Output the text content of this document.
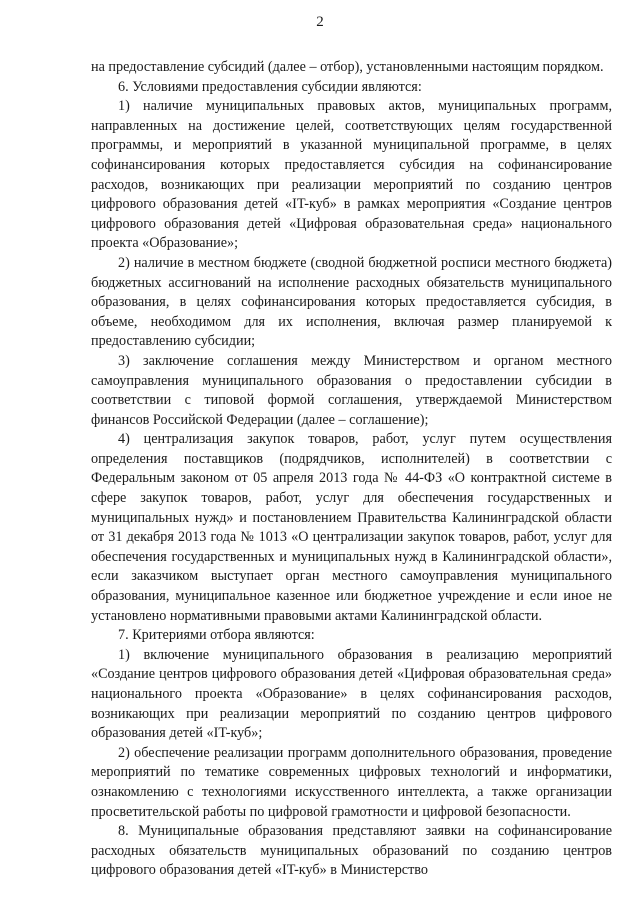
2

на предоставление субсидий (далее – отбор), установленными настоящим порядком.

6. Условиями предоставления субсидии являются:

1) наличие муниципальных правовых актов, муниципальных программ, направленных на достижение целей, соответствующих целям государственной программы, и мероприятий в указанной муниципальной программе, в целях софинансирования которых предоставляется субсидия на софинансирование расходов, возникающих при реализации мероприятий по созданию центров цифрового образования детей «IT-куб» в рамках мероприятия «Создание центров цифрового образования детей «Цифровая образовательная среда» национального проекта «Образование»;

2) наличие в местном бюджете (сводной бюджетной росписи местного бюджета) бюджетных ассигнований на исполнение расходных обязательств муниципального образования, в целях софинансирования которых предоставляется субсидия, в объеме, необходимом для их исполнения, включая размер планируемой к предоставлению субсидии;

3) заключение соглашения между Министерством и органом местного самоуправления муниципального образования о предоставлении субсидии в соответствии с типовой формой соглашения, утверждаемой Министерством финансов Российской Федерации (далее – соглашение);

4) централизация закупок товаров, работ, услуг путем осуществления определения поставщиков (подрядчиков, исполнителей) в соответствии с Федеральным законом от 05 апреля 2013 года № 44-ФЗ «О контрактной системе в сфере закупок товаров, работ, услуг для обеспечения государственных и муниципальных нужд» и постановлением Правительства Калининградской области от 31 декабря 2013 года № 1013 «О централизации закупок товаров, работ, услуг для обеспечения государственных и муниципальных нужд в Калининградской области», если заказчиком выступает орган местного самоуправления муниципального образования, муниципальное казенное или бюджетное учреждение и если иное не установлено нормативными правовыми актами Калининградской области.

7. Критериями отбора являются:

1) включение муниципального образования в реализацию мероприятий «Создание центров цифрового образования детей «Цифровая образовательная среда» национального проекта «Образование» в целях софинансирования расходов, возникающих при реализации мероприятий по созданию центров цифрового образования детей «IT-куб»;

2) обеспечение реализации программ дополнительного образования, проведение мероприятий по тематике современных цифровых технологий и информатики, ознакомлению с технологиями искусственного интеллекта, а также организации просветительской работы по цифровой грамотности и цифровой безопасности.

8. Муниципальные образования представляют заявки на софинансирование расходных обязательств муниципальных образований по созданию центров цифрового образования детей «IT-куб» в Министерство
